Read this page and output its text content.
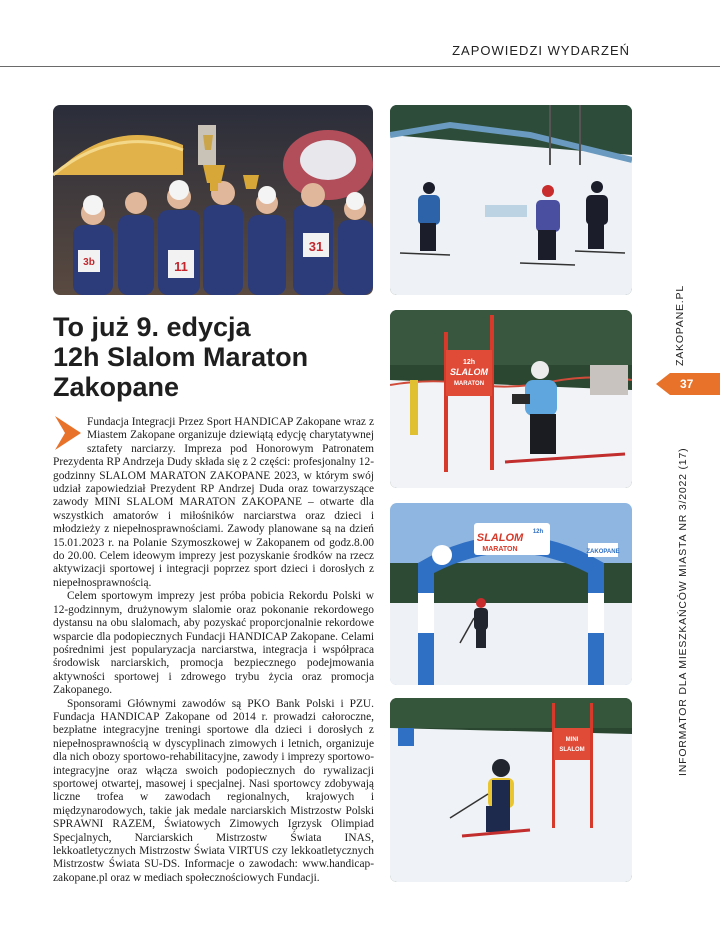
ZAPOWIEDZI WYDARZEŃ
11
31
3b
To już 9. edycja
12h Slalom Maraton
Zakopane

Fundacja Integracji Przez Sport HANDICAP Zakopane wraz z Miastem Zakopane organizuje dziewiątą edycję charytatywnej sztafety narciarzy. Impreza pod Honorowym Patronatem Prezydenta RP Andrzeja Dudy składa się z 2 części: profesjonalny 12-godzinny SLALOM MARATON ZAKOPANE 2023, w którym swój udział zapowiedział Prezydent RP Andrzej Duda oraz towarzyszące zawody MINI SLALOM MARATON ZAKOPANE – otwarte dla wszystkich amatorów i miłośników narciarstwa oraz dzieci i młodzieży z niepełnosprawnościami. Zawody planowane są na dzień 15.01.2023 r. na Polanie Szymoszkowej w Zakopanem od godz.8.00 do 20.00. Celem ideowym imprezy jest pozyskanie środków na rzecz aktywizacji sportowej i integracji poprzez sport dzieci i dorosłych z niepełnosprawnością.

Celem sportowym imprezy jest próba pobicia Rekordu Polski w 12-godzinnym, drużynowym slalomie oraz pokonanie rekordowego dystansu na obu slalomach, aby pozyskać proporcjonalnie rekordowe wsparcie dla podopiecznych Fundacji HANDICAP Zakopane. Celami pośrednimi jest popularyzacja narciarstwa, integracja i współpraca środowisk narciarskich, promocja bezpiecznego podejmowania aktywności sportowej i zdrowego trybu życia oraz promocja Zakopanego.

Sponsorami Głównymi zawodów są PKO Bank Polski i PZU. Fundacja HANDICAP Zakopane od 2014 r. prowadzi całoroczne, bezpłatne integracyjne treningi sportowe dla dzieci i dorosłych z niepełnosprawnością w dyscyplinach zimowych i letnich, organizuje dla nich obozy sportowo-rehabilitacyjne, zawody i imprezy sportowo-integracyjne oraz włącza swoich podopiecznych do rywalizacji sportowej otwartej, masowej i specjalnej. Nasi sportowcy zdobywają liczne trofea w zawodach regionalnych, krajowych i międzynarodowych, takie jak medale narciarskich Mistrzostw Polski SPRAWNI RAZEM, Światowych Zimowych Igrzysk Olimpiad Specjalnych, Narciarskich Mistrzostw Świata INAS, lekkoatletycznych Mistrzostw Świata VIRTUS czy lekkoatletycznych Mistrzostw Świata SU-DS. Informacje o zawodach: www.handicap-zakopane.pl oraz w mediach społecznościowych Fundacji.

12h
SLALOM
MARATON
12h
SLALOM
MARATON	ZAKOPANE
MINI
SLALOM
ZAKOPANE.PL
37
INFORMATOR DLA MIESZKAŃCÓW MIASTA NR 3/2022 (17)
